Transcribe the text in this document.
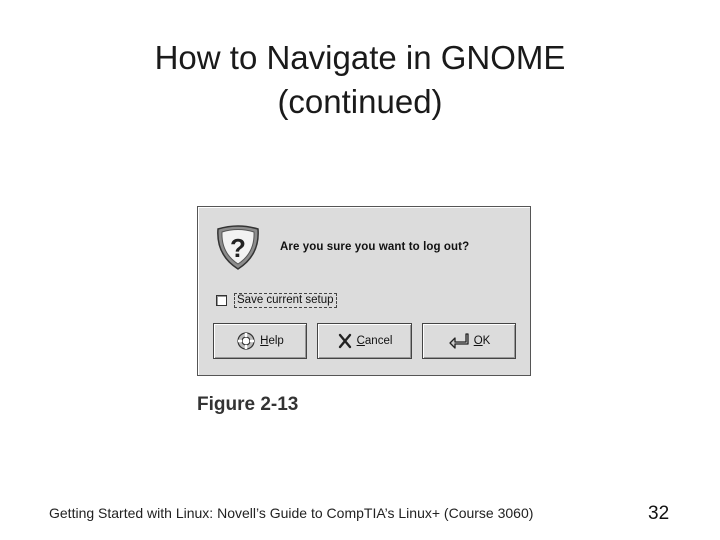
How to Navigate in GNOME
(continued)
?	Are you sure you want to log out?
Save current setup
Help	Cancel	OK
Figure 2-13
Getting Started with Linux: Novell’s Guide to CompTIA’s Linux+ (Course 3060)	32
